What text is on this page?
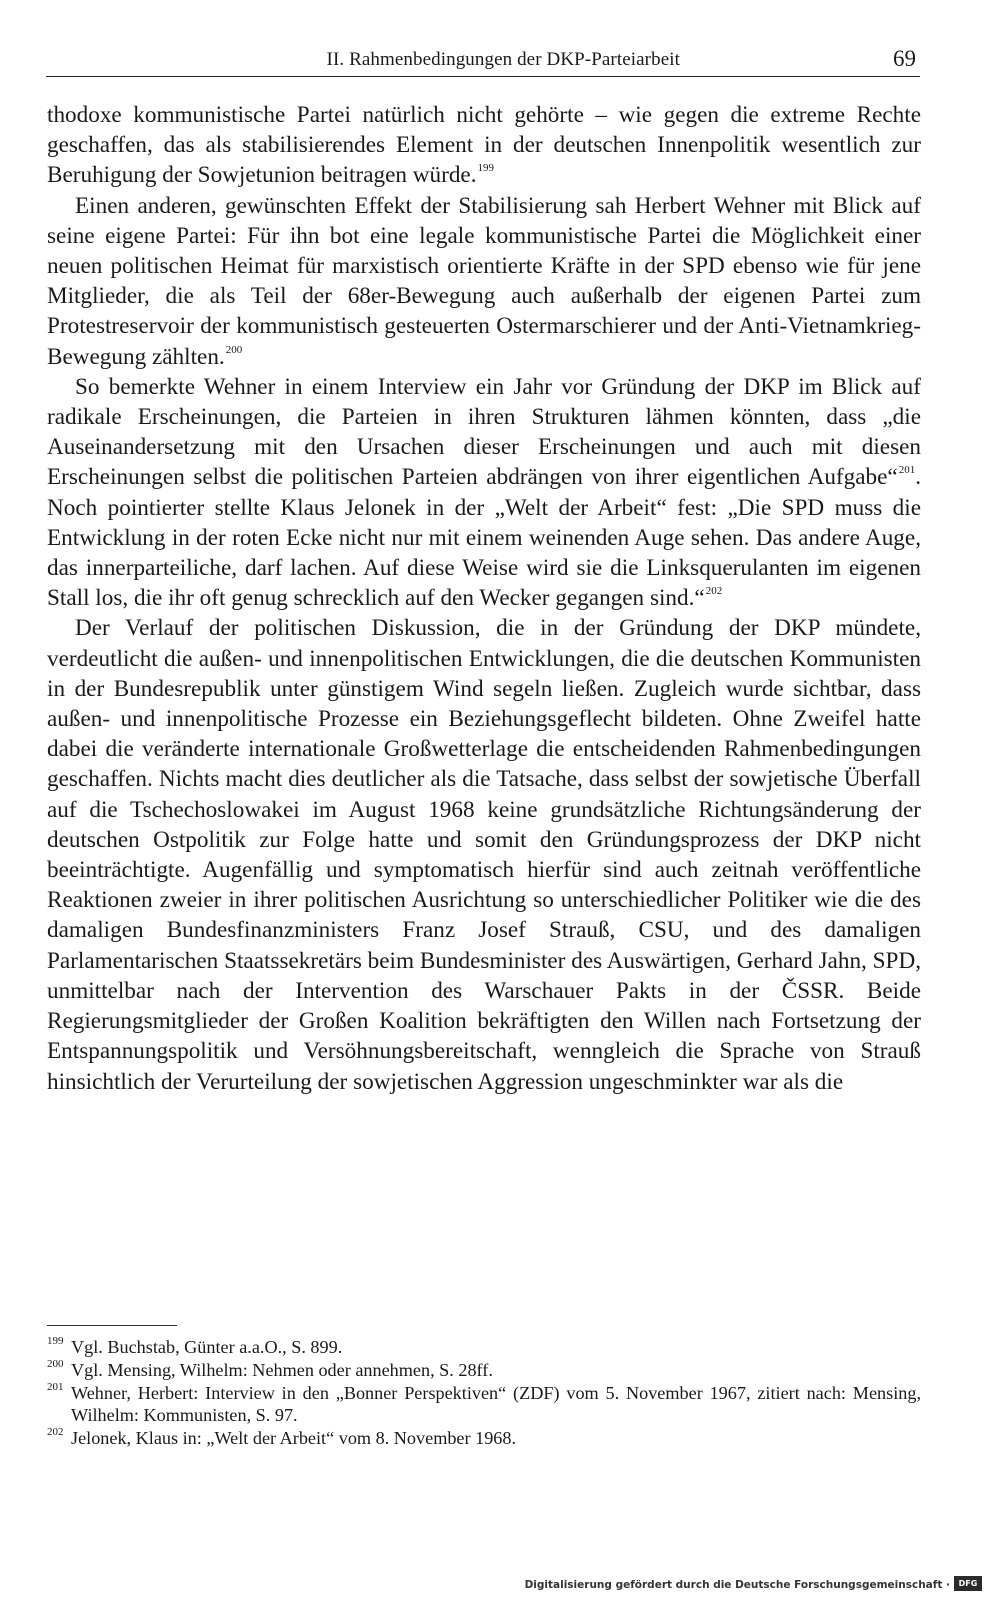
II. Rahmenbedingungen der DKP-Parteiarbeit	69

thodoxe kommunistische Partei natürlich nicht gehörte – wie gegen die extreme Rechte geschaffen, das als stabilisierendes Element in der deutschen Innenpolitik wesentlich zur Beruhigung der Sowjetunion beitragen würde.$^{199}$

Einen anderen, gewünschten Effekt der Stabilisierung sah Herbert Wehner mit Blick auf seine eigene Partei: Für ihn bot eine legale kommunistische Partei die Möglichkeit einer neuen politischen Heimat für marxistisch orientierte Kräfte in der SPD ebenso wie für jene Mitglieder, die als Teil der 68er-Bewegung auch außerhalb der eigenen Partei zum Protestreservoir der kommunistisch gesteuerten Ostermarschierer und der Anti-Vietnamkrieg-Bewegung zählten.$^{200}$

So bemerkte Wehner in einem Interview ein Jahr vor Gründung der DKP im Blick auf radikale Erscheinungen, die Parteien in ihren Strukturen lähmen könnten, dass „die Auseinandersetzung mit den Ursachen dieser Erscheinungen und auch mit diesen Erscheinungen selbst die politischen Parteien abdrängen von ihrer eigentlichen Aufgabe“$^{201}$. Noch pointierter stellte Klaus Jelonek in der „Welt der Arbeit“ fest: „Die SPD muss die Entwicklung in der roten Ecke nicht nur mit einem weinenden Auge sehen. Das andere Auge, das innerparteiliche, darf lachen. Auf diese Weise wird sie die Linksquerulanten im eigenen Stall los, die ihr oft genug schrecklich auf den Wecker gegangen sind.“$^{202}$

Der Verlauf der politischen Diskussion, die in der Gründung der DKP mündete, verdeutlicht die außen- und innenpolitischen Entwicklungen, die die deutschen Kommunisten in der Bundesrepublik unter günstigem Wind segeln ließen. Zugleich wurde sichtbar, dass außen- und innenpolitische Prozesse ein Beziehungsgeflecht bildeten. Ohne Zweifel hatte dabei die veränderte internationale Großwetterlage die entscheidenden Rahmenbedingungen geschaffen. Nichts macht dies deutlicher als die Tatsache, dass selbst der sowjetische Überfall auf die Tschechoslowakei im August 1968 keine grundsätzliche Richtungsänderung der deutschen Ostpolitik zur Folge hatte und somit den Gründungsprozess der DKP nicht beeinträchtigte. Augenfällig und symptomatisch hierfür sind auch zeitnah veröffentliche Reaktionen zweier in ihrer politischen Ausrichtung so unterschiedlicher Politiker wie die des damaligen Bundesfinanzministers Franz Josef Strauß, CSU, und des damaligen Parlamentarischen Staatssekretärs beim Bundesminister des Auswärtigen, Gerhard Jahn, SPD, unmittelbar nach der Intervention des Warschauer Pakts in der ČSSR. Beide Regierungsmitglieder der Großen Koalition bekräftigten den Willen nach Fortsetzung der Entspannungspolitik und Versöhnungsbereitschaft, wenngleich die Sprache von Strauß hinsichtlich der Verurteilung der sowjetischen Aggression ungeschminkter war als die

199 Vgl. Buchstab, Günter a.a.O., S. 899.
200 Vgl. Mensing, Wilhelm: Nehmen oder annehmen, S. 28ff.
201 Wehner, Herbert: Interview in den „Bonner Perspektiven“ (ZDF) vom 5. November 1967, zitiert nach: Mensing, Wilhelm: Kommunisten, S. 97.
202 Jelonek, Klaus in: „Welt der Arbeit“ vom 8. November 1968.
Digitalisierung gefördert durch die Deutsche Forschungsgemeinschaft ·	DFG
